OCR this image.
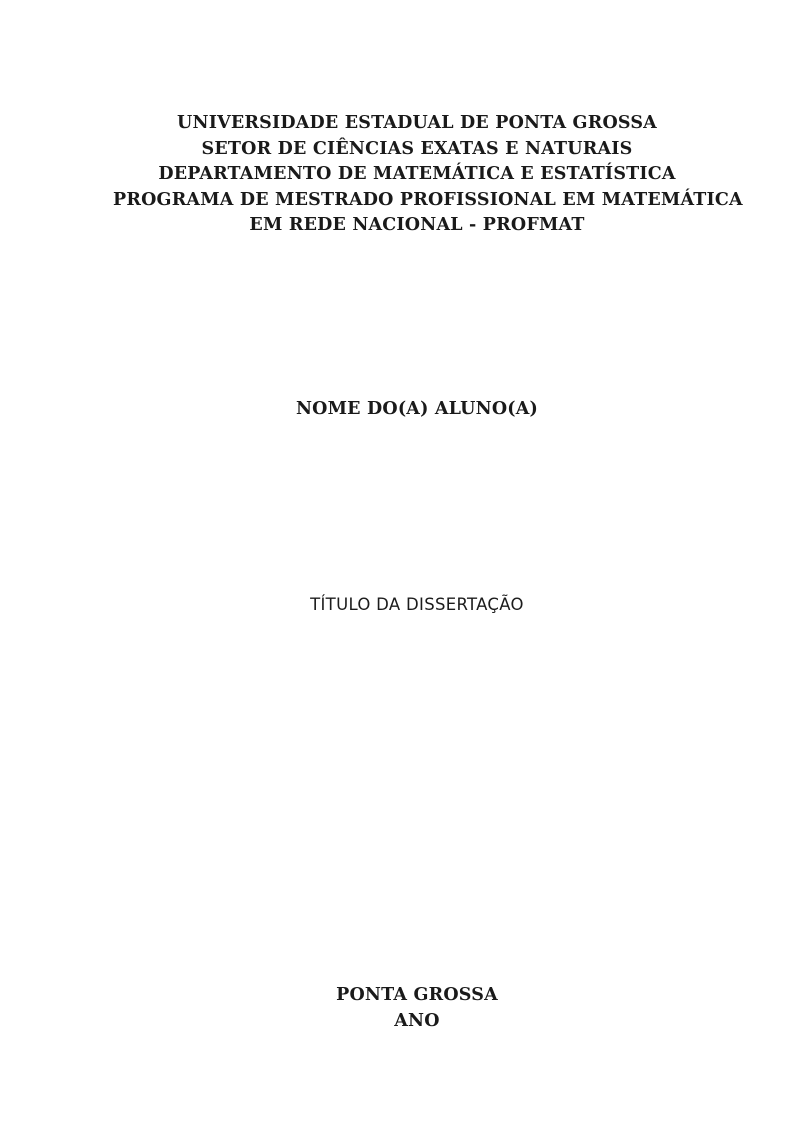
UNIVERSIDADE ESTADUAL DE PONTA GROSSA
SETOR DE CIÊNCIAS EXATAS E NATURAIS
DEPARTAMENTO DE MATEMÁTICA E ESTATÍSTICA
PROGRAMA DE MESTRADO PROFISSIONAL EM MATEMÁTICA
EM REDE NACIONAL - PROFMAT
NOME DO(A) ALUNO(A)
TÍTULO DA DISSERTAÇÃO
PONTA GROSSA
ANO
